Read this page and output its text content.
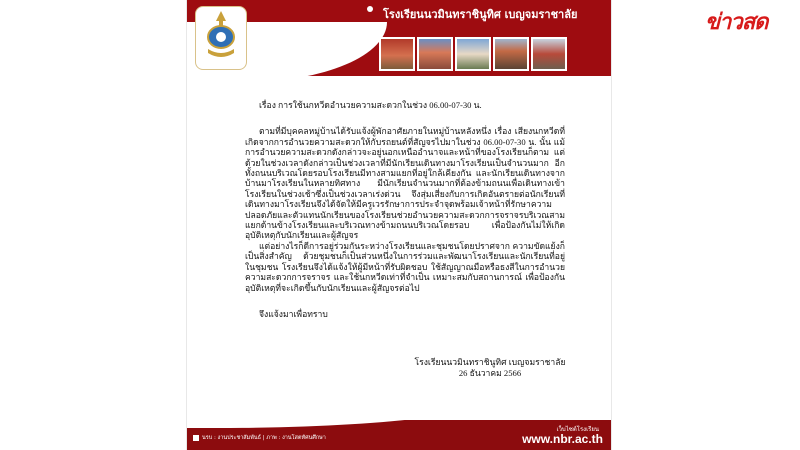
โรงเรียนนวมินทราชินูทิศ เบญจมราชาลัย

เรื่อง การใช้นกหวีดอำนวยความสะดวกในช่วง 06.00-07-30 น.

ตามที่มีบุคคลหมู่บ้านได้รับแจ้งผู้พักอาศัยภายในหมู่บ้านหลังหนึ่ง เรื่อง เสียงนกหวีดที่เกิดจากการอำนวยความสะดวกให้กับรถยนต์ที่สัญจรไปมาในช่วง 06.00-07-30 น. นั้น แม้การอำนวยความสะดวกดังกล่าวจะอยู่นอกเหนืออำนาจและหน้าที่ของโรงเรียนก็ตาม แต่ด้วยในช่วงเวลาดังกล่าวเป็นช่วงเวลาที่มีนักเรียนเดินทางมาโรงเรียนเป็นจำนวนมาก อีกทั้งถนนบริเวณโดยรอบโรงเรียนมีทางสามแยกที่อยู่ใกล้เคียงกัน และนักเรียนเดินทางจากบ้านมาโรงเรียนในหลายทิศทาง มีนักเรียนจำนวนมากที่ต้องข้ามถนนเพื่อเดินทางเข้าโรงเรียนในช่วงเช้าซึ่งเป็นช่วงเวลาเร่งด่วน จึงสุ่มเสี่ยงกับการเกิดอันตรายต่อนักเรียนที่เดินทางมาโรงเรียนจึงได้จัดให้มีครูเวรรักษาการประจำจุดพร้อมเจ้าหน้าที่รักษาความปลอดภัยและตัวแทนนักเรียนของโรงเรียนช่วยอำนวยความสะดวกการจราจรบริเวณสามแยกด้านข้างโรงเรียนและบริเวณทางข้ามถนนบริเวณโดยรอบ เพื่อป้องกันไม่ให้เกิดอุบัติเหตุกับนักเรียนและผู้สัญจร

แต่อย่างไรก็ดีการอยู่ร่วมกันระหว่างโรงเรียนและชุมชนโดยปราศจาก ความขัดแย้งก็เป็นสิ่งสำคัญ ด้วยชุมชนก็เป็นส่วนหนึ่งในการร่วมและพัฒนาโรงเรียนและนักเรียนที่อยู่ในชุมชน โรงเรียนจึงได้แจ้งให้ผู้มีหน้าที่รับผิดชอบ ใช้สัญญาณมือหรือธงสีในการอำนวยความสะดวกการจราจร และใช้นกหวีดเท่าที่จำเป็น เหมาะสมกับสถานการณ์ เพื่อป้องกันอุบัติเหตุที่จะเกิดขึ้นกับนักเรียนและผู้สัญจรต่อไป

จึงแจ้งมาเพื่อทราบ

โรงเรียนนวมินทราชินูทิศ เบญจมราชาลัย
26 ธันวาคม 2566
นรบ : งานประชาสัมพันธ์ | ภาพ : งานโสตทัศนศึกษา
เว็บไซต์โรงเรียน
www.nbr.ac.th
ข่าวสด
